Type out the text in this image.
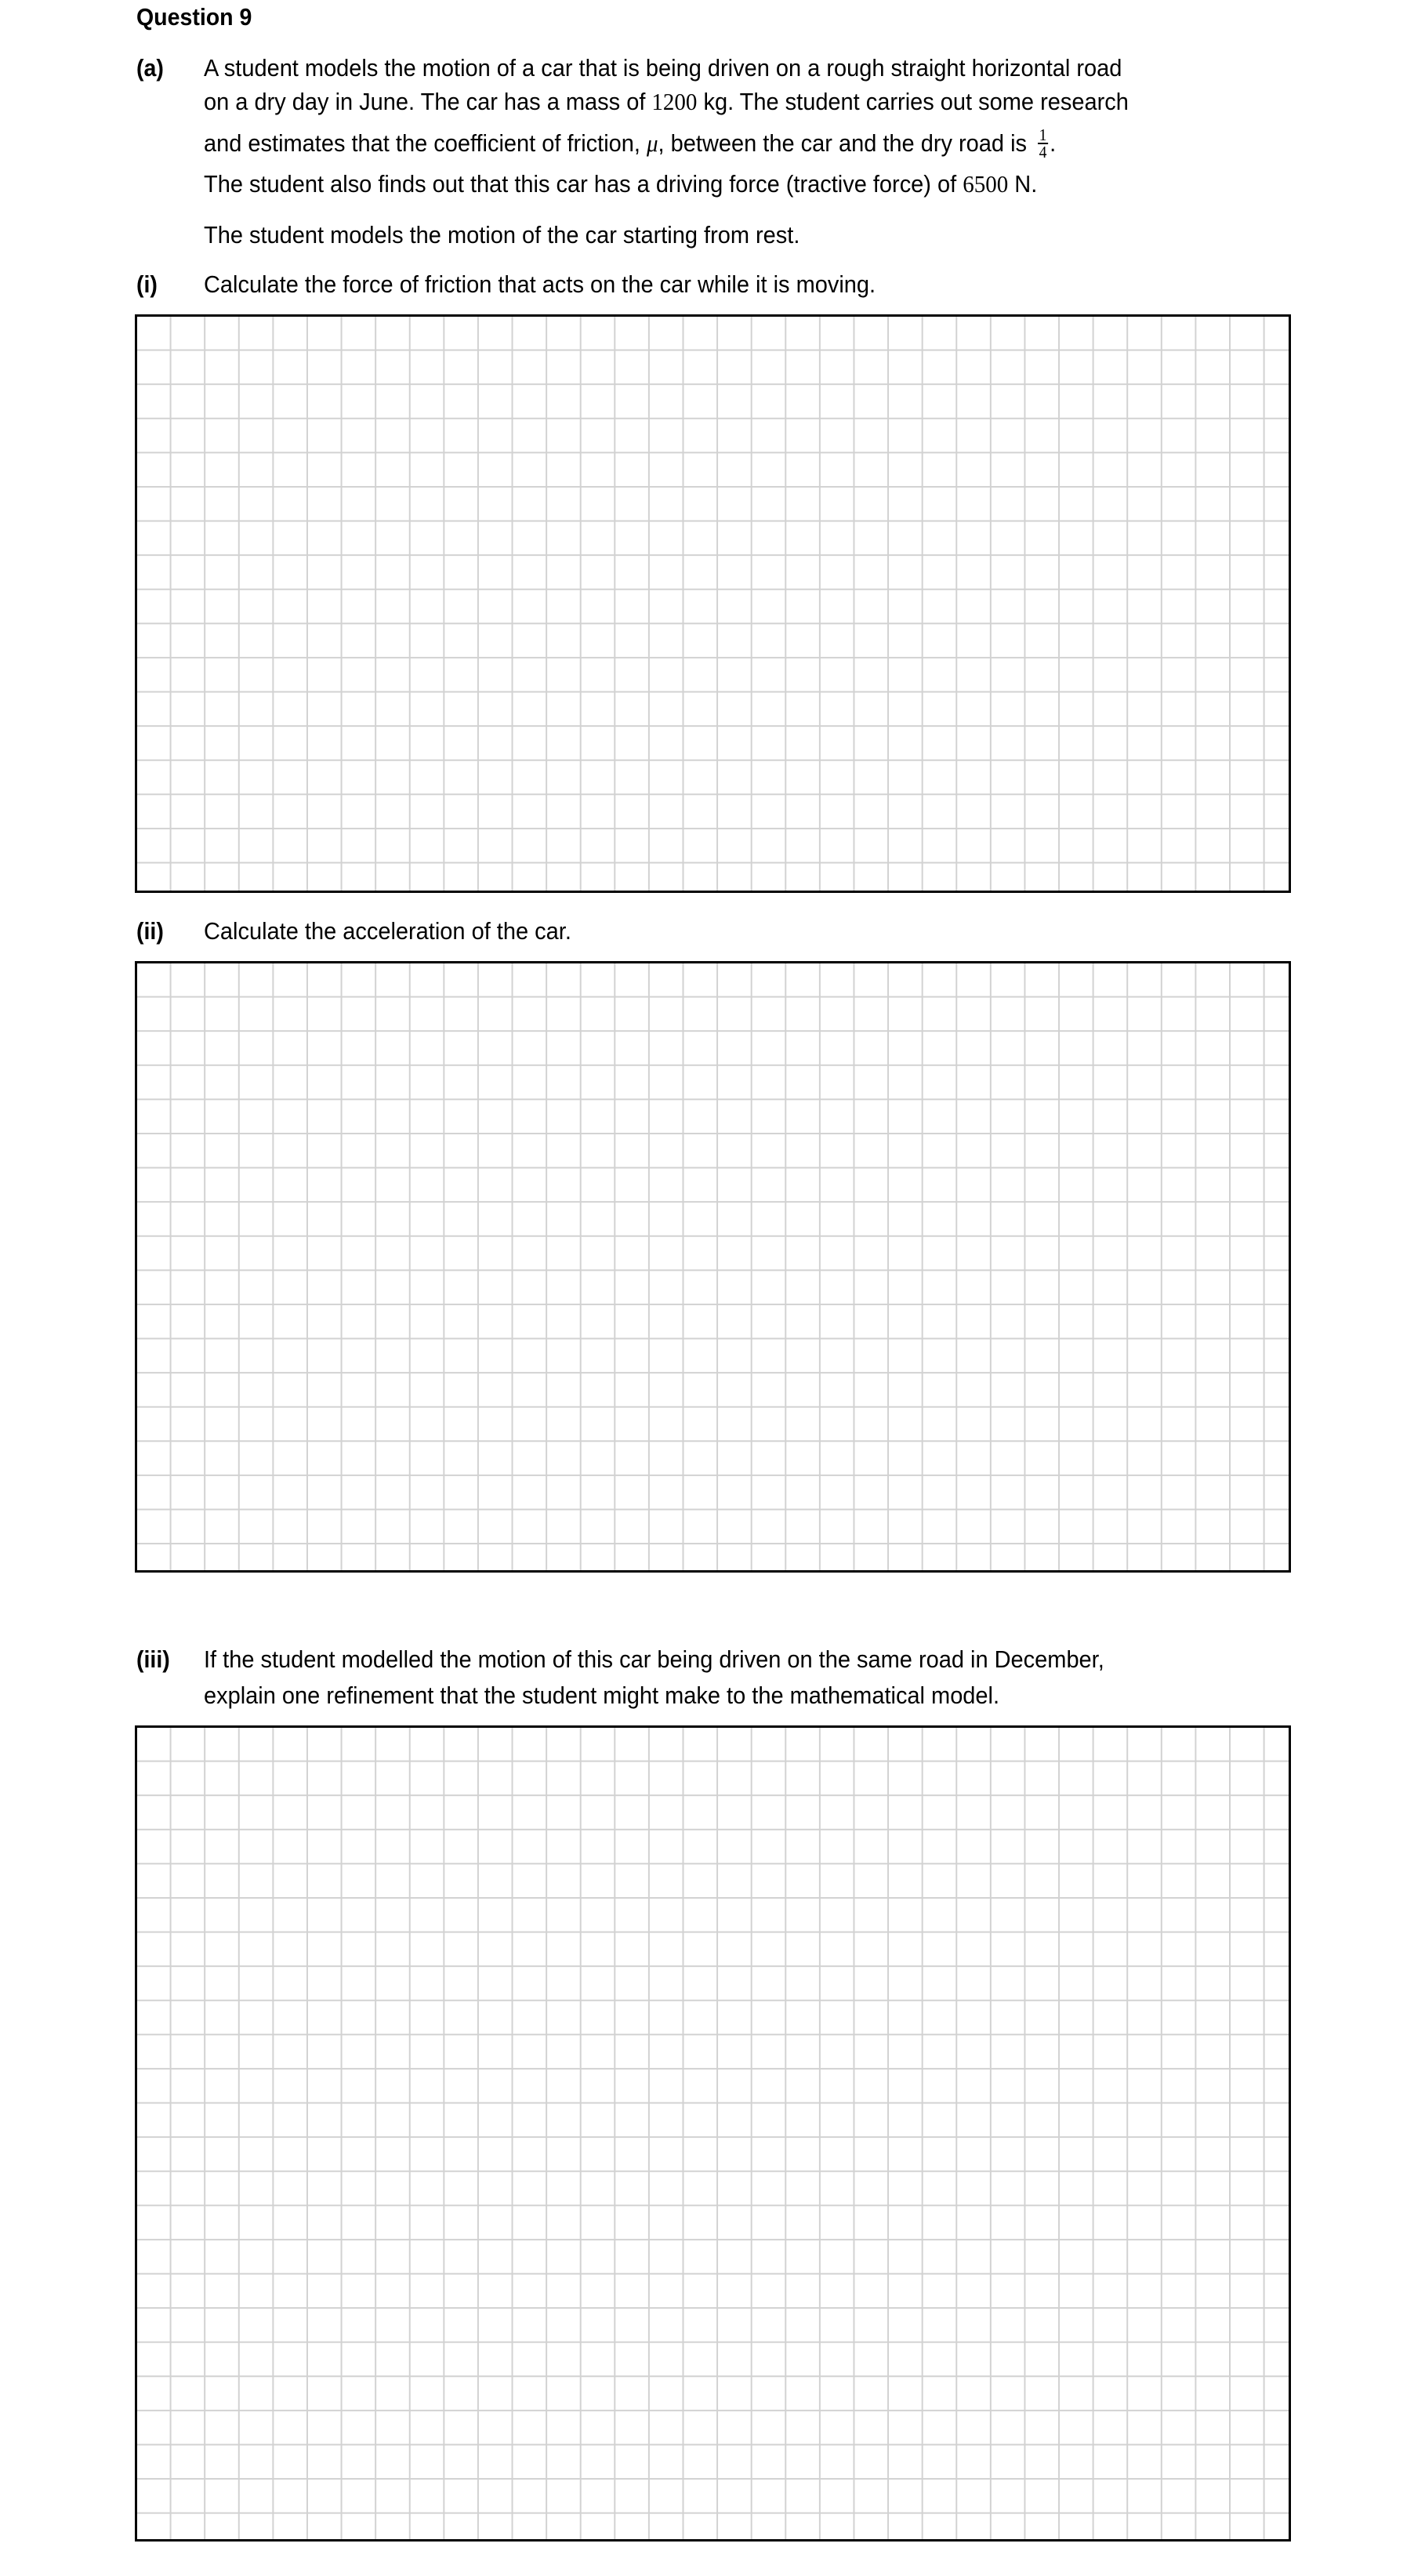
Question 9
(a) A student models the motion of a car that is being driven on a rough straight horizontal road
on a dry day in June. The car has a mass of 1200 kg. The student carries out some research
and estimates that the coefficient of friction, μ, between the car and the dry road is $\frac{1}{4}$ .
The student also finds out that this car has a driving force (tractive force) of 6500 N.
The student models the motion of the car starting from rest.
(i) Calculate the force of friction that acts on the car while it is moving.
(ii) Calculate the acceleration of the car.
(iii) If the student modelled the motion of this car being driven on the same road in December,
explain one refinement that the student might make to the mathematical model.
